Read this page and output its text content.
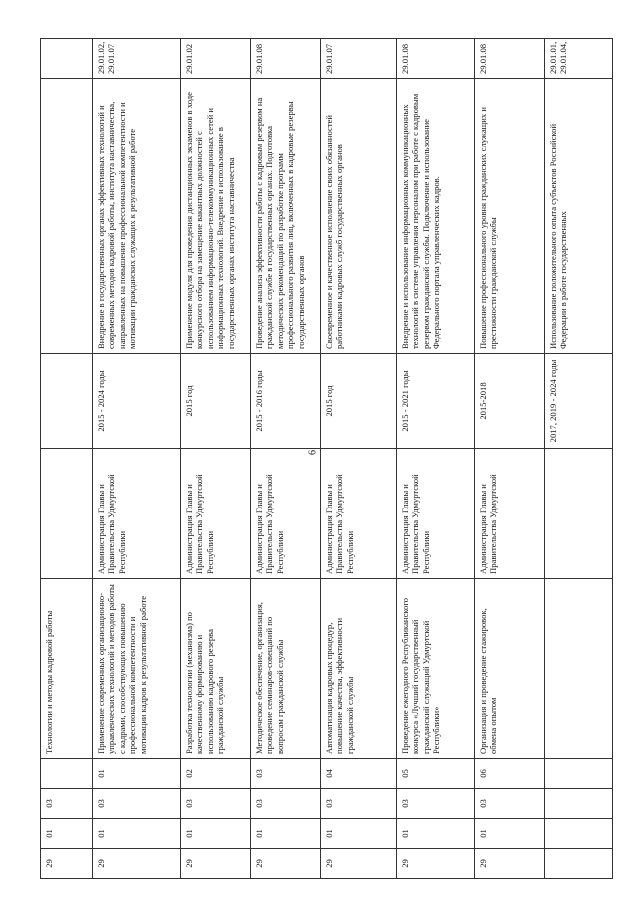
6
29	01	03		Технологии и методы кадровой работы				
29	01	03	01	Применение современных организационно-управленческих технологий и методов работы с кадрами, способствующих повышению профессиональной компетентности и мотивации кадров к результативной работе	Администрация Главы и Правительства Удмуртской Республики	2015 - 2024 годы	Внедрение в государственных органах эффективных технологий и современных методов кадровой работы, института наставничества, направленных на повышение профессиональной компетентности и мотивации гражданских служащих к результативной работе	29.01.02, 29.01.07
29	01	03	02	Разработка технологии (механизма) по качественному формированию и использованию кадрового резерва гражданской службы	Администрация Главы и Правительства Удмуртской Республики	2015 год	Применение модуля для проведения дистанционных экзаменов в ходе конкурсного отбора на замещение вакантных должностей с использованием информационно-телекоммуникационных сетей и информационных технологий. Внедрение и использование в государственных органах института наставничества	29.01.02
29	01	03	03	Методическое обеспечение, организация, проведение семинаров-совещаний по вопросам гражданской службы	Администрация Главы и Правительства Удмуртской Республики	2015 - 2016 годы	Проведение анализа эффективности работы с кадровым резервом на гражданской службе в государственных органах. Подготовка методических рекомендаций по разработке программ профессионального развития лиц, включенных в кадровые резервы государственных органов	29.01.08
29	01	03	04	Автоматизация кадровых процедур, повышение качества, эффективности гражданской службы	Администрация Главы и Правительства Удмуртской Республики	2015 год	Своевременное и качественное исполнение своих обязанностей работниками кадровых служб государственных органов	29.01.07
29	01	03	05	Проведение ежегодного Республиканского конкурса «Лучший государственный гражданский служащий Удмуртской Республики»	Администрация Главы и Правительства Удмуртской Республики	2015 - 2021 годы	Внедрение и использование информационных коммуникационных технологий в системе управления персоналом при работе с кадровым резервом гражданской службы. Подключение и использование Федерального портала управленческих кадров.	29.01.08
29	01	03	06	Организация и проведение стажировок, обмена опытом	Администрация Главы и Правительства Удмуртской	2015-2018	Повышение профессионального уровня гражданских служащих и престижности гражданской службы	29.01.08
						2017, 2019 - 2024 годы	Использование положительного опыта субъектов Российской Федерации в работе государственных	29.01.01, 29.01.04,
